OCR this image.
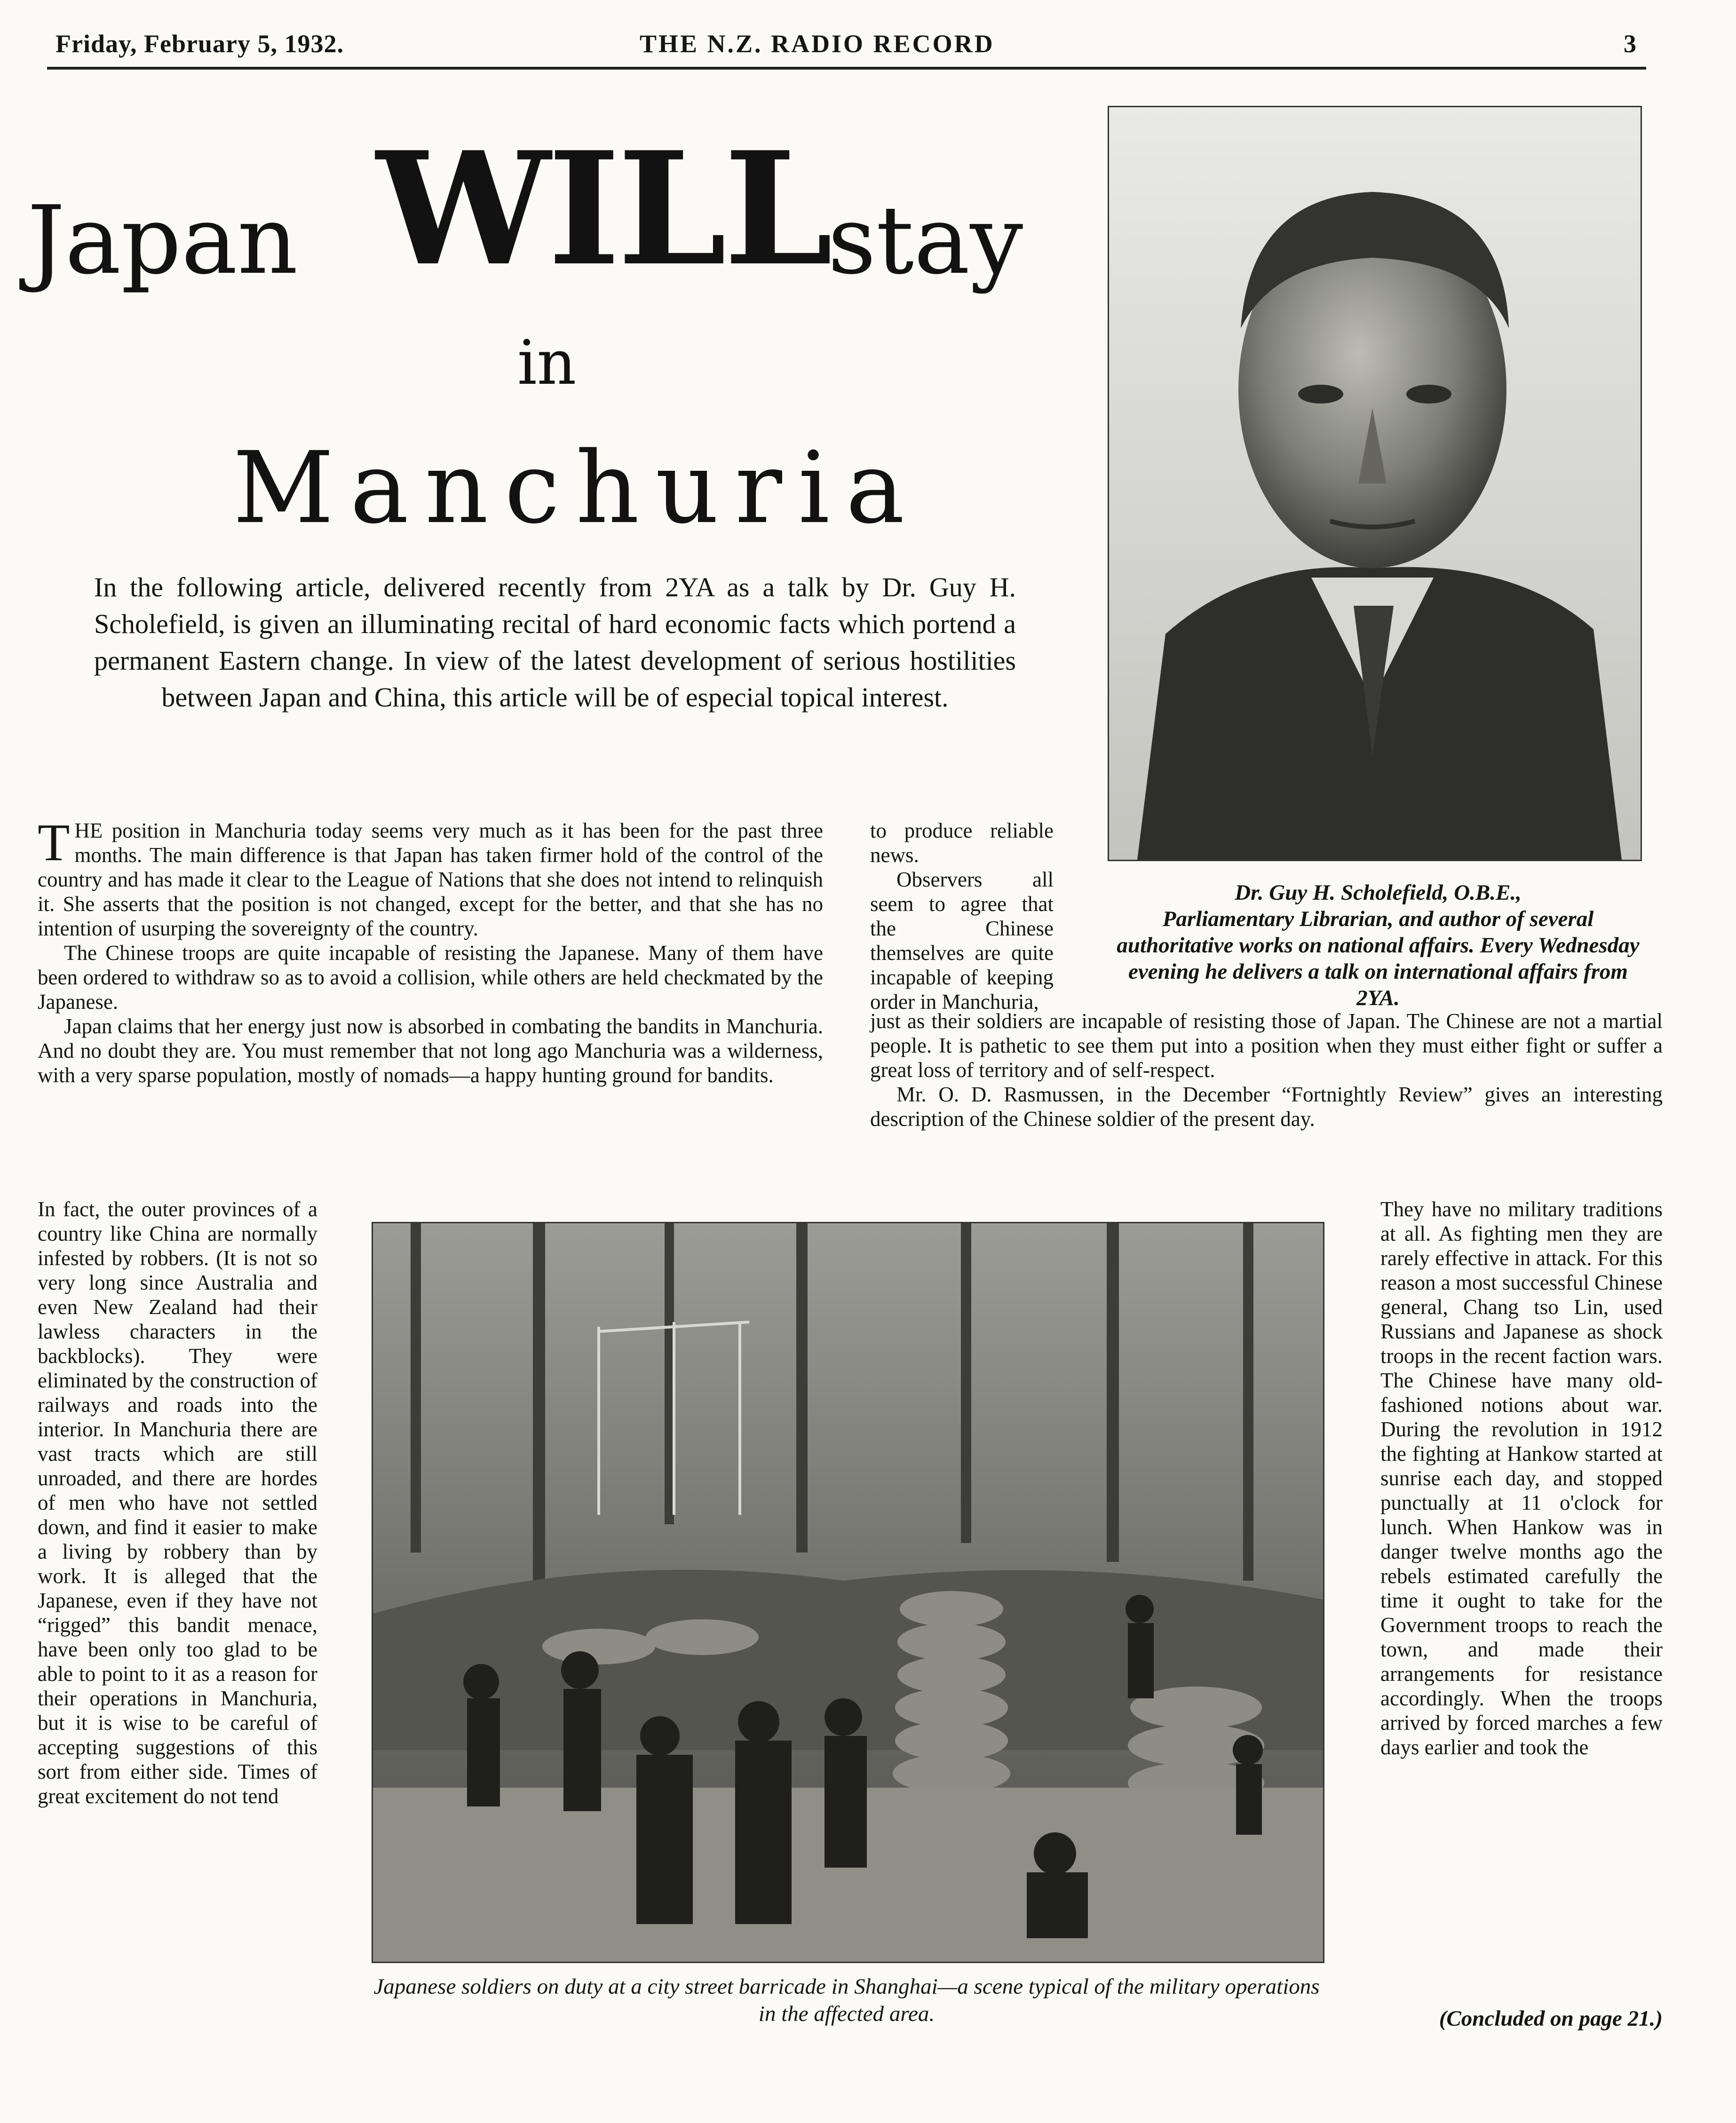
Friday, February 5, 1932.	THE N.Z. RADIO RECORD	3
Japan WILL
stay
in
Manchuria
In the following article, delivered recently from 2YA as a talk by Dr. Guy H. Scholefield, is given an illuminating recital of hard economic facts which portend a permanent Eastern change. In view of the latest development of serious hostilities between Japan and China, this article will be of especial topical interest.
Dr. Guy H. Scholefield, O.B.E.,
Parliamentary Librarian, and author of several authoritative works on national affairs. Every Wednesday evening he delivers a talk on international affairs from 2YA.

THE position in Manchuria today seems very much as it has been for the past three months. The main difference is that Japan has taken firmer hold of the control of the country and has made it clear to the League of Nations that she does not intend to relinquish it. She asserts that the position is not changed, except for the better, and that she has no intention of usurping the sovereignty of the country.

The Chinese troops are quite incapable of resisting the Japanese. Many of them have been ordered to withdraw so as to avoid a collision, while others are held checkmated by the Japanese.

Japan claims that her energy just now is absorbed in combating the bandits in Manchuria. And no doubt they are. You must remember that not long ago Manchuria was a wilderness, with a very sparse population, mostly of nomads—a happy hunting ground for bandits.

to produce reliable news.

Observers all seem to agree that the Chinese themselves are quite incapable of keeping order in Manchuria,

just as their soldiers are incapable of resisting those of Japan. The Chinese are not a martial people. It is pathetic to see them put into a position when they must either fight or suffer a great loss of territory and of self-respect.

Mr. O. D. Rasmussen, in the December “Fortnightly Review” gives an interesting description of the Chinese soldier of the present day.

In fact, the outer provinces of a country like China are normally infested by robbers. (It is not so very long since Australia and even New Zealand had their lawless characters in the backblocks). They were eliminated by the construction of railways and roads into the interior. In Manchuria there are vast tracts which are still unroaded, and there are hordes of men who have not settled down, and find it easier to make a living by robbery than by work. It is alleged that the Japanese, even if they have not “rigged” this bandit menace, have been only too glad to be able to point to it as a reason for their operations in Manchuria, but it is wise to be careful of accepting suggestions of this sort from either side. Times of great excitement do not tend

They have no military traditions at all. As fighting men they are rarely effective in attack. For this reason a most successful Chinese general, Chang tso Lin, used Russians and Japanese as shock troops in the recent faction wars. The Chinese have many old-fashioned notions about war. During the revolution in 1912 the fighting at Hankow started at sunrise each day, and stopped punctually at 11 o'clock for lunch. When Hankow was in danger twelve months ago the rebels estimated carefully the time it ought to take for the Government troops to reach the town, and made their arrangements for resistance accordingly. When the troops arrived by forced marches a few days earlier and took the

Japanese soldiers on duty at a city street barricade in Shanghai—a scene typical of the military operations in the affected area.	(Concluded on page 21.)
